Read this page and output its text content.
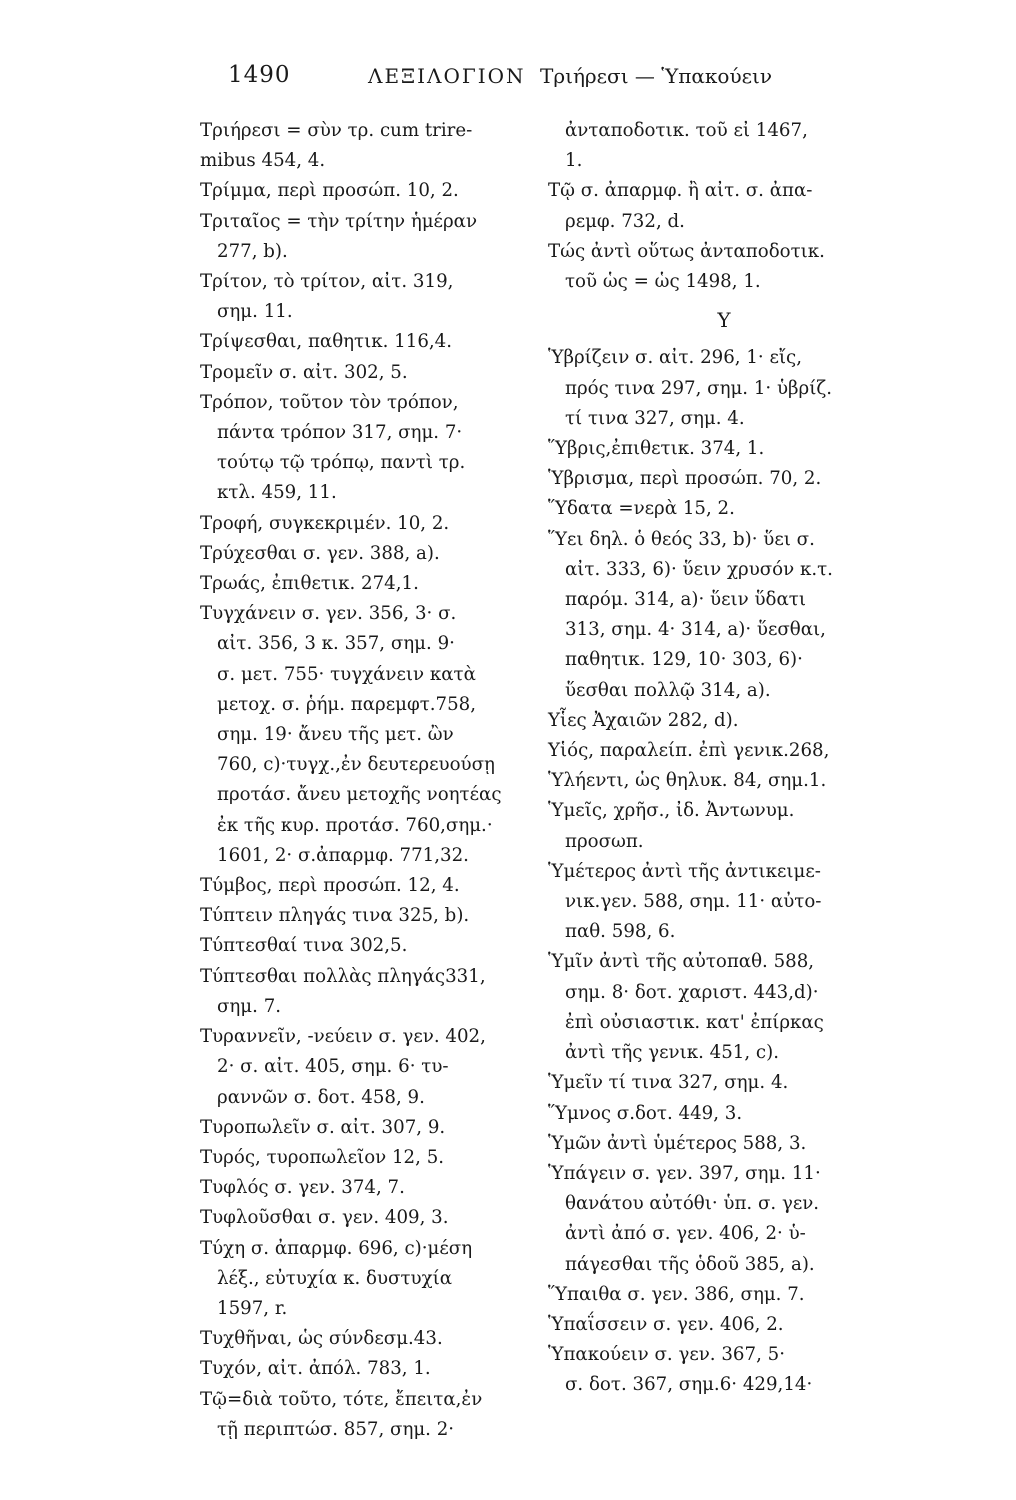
1490	ΛΕΞΙΛΟΓΙΟΝ Τριήρεσι — Ὑπακούειν
Τριήρεσι = σὺν τρ. cum trire-
mibus 454, 4.
Τρίμμα, περὶ προσώπ. 10, 2.
Τριταῖος = τὴν τρίτην ἡμέραν
277, b).
Τρίτον, τὸ τρίτον, αἰτ. 319,
σημ. 11.
Τρίψεσθαι, παθητικ. 116,4.
Τρομεῖν σ. αἰτ. 302, 5.
Τρόπον, τοῦτον τὸν τρόπον,
πάντα τρόπον 317, σημ. 7·
τούτῳ τῷ τρόπῳ, παντὶ τρ.
κτλ. 459, 11.
Τροφή, συγκεκριμέν. 10, 2.
Τρύχεσθαι σ. γεν. 388, a).
Τρωάς, ἐπιθετικ. 274,1.
Τυγχάνειν σ. γεν. 356, 3· σ.
αἰτ. 356, 3 κ. 357, σημ. 9·
σ. μετ. 755· τυγχάνειν κατὰ
μετοχ. σ. ῥήμ. παρεμφτ.758,
σημ. 19· ἄνευ τῆς μετ. ὢν
760, c)·τυγχ.,ἐν δευτερευούσῃ
προτάσ. ἄνευ μετοχῆς νοητέας
ἐκ τῆς κυρ. προτάσ. 760,σημ.·
1601, 2· σ.ἀπαρμφ. 771,32.
Τύμβος, περὶ προσώπ. 12, 4.
Τύπτειν πληγάς τινα 325, b).
Τύπτεσθαί τινα 302,5.
Τύπτεσθαι πολλὰς πληγάς331,
σημ. 7.
Τυραννεῖν, -νεύειν σ. γεν. 402,
2· σ. αἰτ. 405, σημ. 6· τυ-
ραννῶν σ. δοτ. 458, 9.
Τυροπωλεῖν σ. αἰτ. 307, 9.
Τυρός, τυροπωλεῖον 12, 5.
Τυφλός σ. γεν. 374, 7.
Τυφλοῦσθαι σ. γεν. 409, 3.
Τύχη σ. ἀπαρμφ. 696, c)·μέση
λέξ., εὐτυχία κ. δυστυχία
1597, r.
Τυχθῆναι, ὡς σύνδεσμ.43.
Τυχόν, αἰτ. ἀπόλ. 783, 1.
Τῷ=διὰ τοῦτο, τότε, ἔπειτα,ἐν
τῇ περιπτώσ. 857, σημ. 2·
ἀνταποδοτικ. τοῦ εἰ 1467,
1.
Τῷ σ. ἀπαρμφ. ἢ αἰτ. σ. ἀπα-
ρεμφ. 732, d.
Τώς ἀντὶ οὕτως ἀνταποδοτικ.
τοῦ ὡς = ὡς 1498, 1.
Υ
Ὑβρίζειν σ. αἰτ. 296, 1· εἴς,
πρός τινα 297, σημ. 1· ὑβρίζ.
τί τινα 327, σημ. 4.
Ὕβρις,ἐπιθετικ. 374, 1.
Ὑβρισμα, περὶ προσώπ. 70, 2.
Ὕδατα =νερὰ 15, 2.
Ὕει δηλ. ὁ θεός 33, b)· ὕει σ.
αἰτ. 333, 6)· ὕειν χρυσόν κ.τ.
παρόμ. 314, a)· ὕειν ὕδατι
313, σημ. 4· 314, a)· ὕεσθαι,
παθητικ. 129, 10· 303, 6)·
ὕεσθαι πολλῷ 314, a).
Υἷες Ἀχαιῶν 282, d).
Υἱός, παραλείπ. ἐπὶ γενικ.268,
Ὑλήεντι, ὡς θηλυκ. 84, σημ.1.
Ὑμεῖς, χρῆσ., ἰδ. Ἀντωνυμ.
προσωπ.
Ὑμέτερος ἀντὶ τῆς ἀντικειμε-
νικ.γεν. 588, σημ. 11· αὐτο-
παθ. 598, 6.
Ὑμῖν ἀντὶ τῆς αὐτοπαθ. 588,
σημ. 8· δοτ. χαριστ. 443,d)·
ἐπὶ οὐσιαστικ. κατ' ἐπίρκας
ἀντὶ τῆς γενικ. 451, c).
Ὑμεῖν τί τινα 327, σημ. 4.
Ὕμνος σ.δοτ. 449, 3.
Ὑμῶν ἀντὶ ὑμέτερος 588, 3.
Ὑπάγειν σ. γεν. 397, σημ. 11·
θανάτου αὐτόθι· ὑπ. σ. γεν.
ἀντὶ ἀπό σ. γεν. 406, 2· ὑ-
πάγεσθαι τῆς ὁδοῦ 385, a).
Ὕπαιθα σ. γεν. 386, σημ. 7.
Ὑπαΐσσειν σ. γεν. 406, 2.
Ὑπακούειν σ. γεν. 367, 5·
σ. δοτ. 367, σημ.6· 429,14·
